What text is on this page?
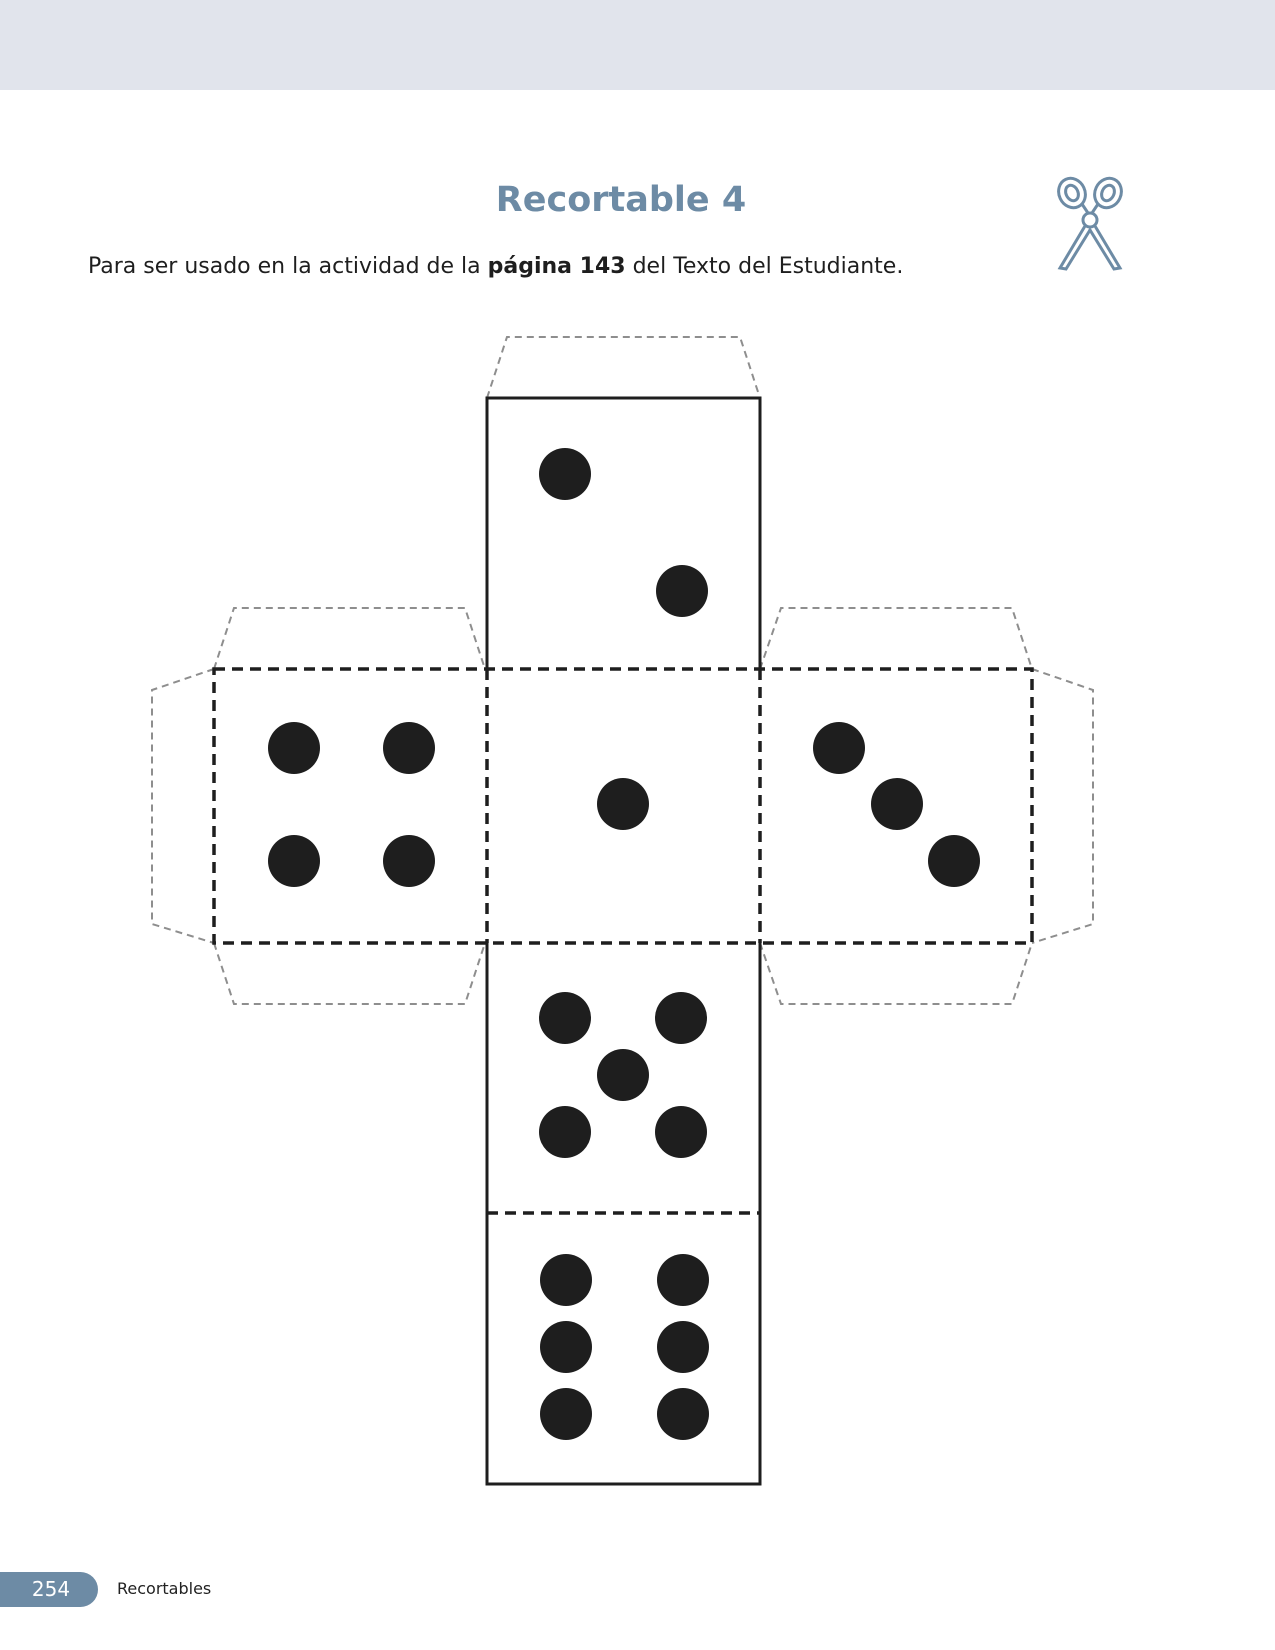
Recortable 4

Para ser usado en la actividad de la página 143 del Texto del Estudiante.

254	Recortables
